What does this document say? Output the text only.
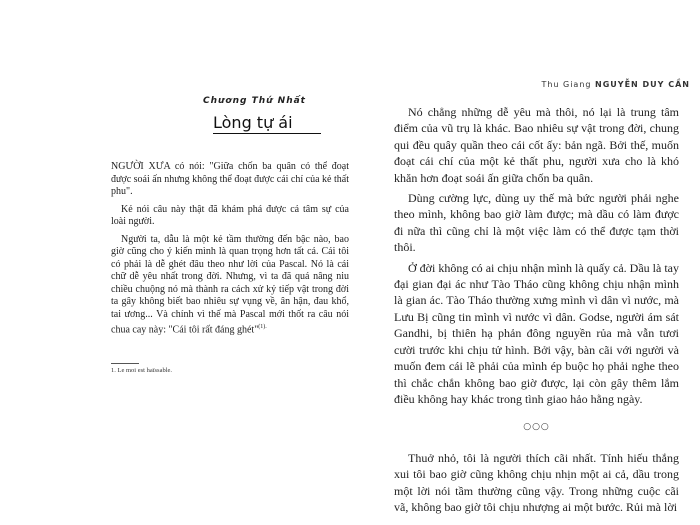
Chương Thứ Nhất
Lòng tự ái

NGƯỜI XƯA có nói: "Giữa chốn ba quân có thể đoạt được soái ấn nhưng không thể đoạt được cái chí của kẻ thất phu".

Kẻ nói câu này thật đã khám phá được cả tâm sự của loài người.

Người ta, dẫu là một kẻ tầm thường đến bậc nào, bao giờ cũng cho ý kiến mình là quan trọng hơn tất cả. Cái tôi có phải là dễ ghét đâu theo như lời của Pascal. Nó là cái chữ dễ yêu nhất trong đời. Nhưng, vì ta đã quá nâng niu chiều chuộng nó mà thành ra cách xử kỷ tiếp vật trong đời ta gây không biết bao nhiêu sự vụng về, ân hận, đau khổ, tai ương... Và chính vì thế mà Pascal mới thốt ra câu nói chua cay này: "Cái tôi rất đáng ghét"$^{(1).}$

1. Le moi est haïssable.
Thu Giang NGUYỄN DUY CẦN

Nó chẳng những dễ yêu mà thôi, nó lại là trung tâm điểm của vũ trụ là khác. Bao nhiêu sự vật trong đời, chung qui đều quây quần theo cái cốt ấy: bản ngã. Bởi thế, muốn đoạt cái chí của một kẻ thất phu, người xưa cho là khó khăn hơn đoạt soái ấn giữa chốn ba quân.

Dùng cường lực, dùng uy thế mà bức người phải nghe theo mình, không bao giờ làm được; mà dầu có làm được đi nữa thì cũng chỉ là một việc làm có thể được tạm thời thôi.

Ở đời không có ai chịu nhận mình là quấy cả. Dầu là tay đại gian đại ác như Tào Tháo cũng không chịu nhận mình là gian ác. Tào Tháo thường xưng mình vì dân vì nước, mà Lưu Bị cũng tin mình vì nước vì dân. Godse, người ám sát Gandhi, bị thiên hạ phản đông nguyền rủa mà vẫn tươi cười trước khi chịu tử hình. Bởi vậy, bàn cãi với người và muốn đem cái lẽ phải của mình ép buộc họ phải nghe theo thì chắc chắn không bao giờ được, lại còn gây thêm lắm điều không hay khác trong tình giao hảo hằng ngày.

○○○

Thuở nhỏ, tôi là người thích cãi nhất. Tính hiếu thắng xui tôi bao giờ cũng không chịu nhịn một ai cả, dầu trong một lời nói tầm thường cũng vậy. Trong những cuộc cãi vã, không bao giờ tôi chịu nhượng ai một bước. Rủi mà lời
